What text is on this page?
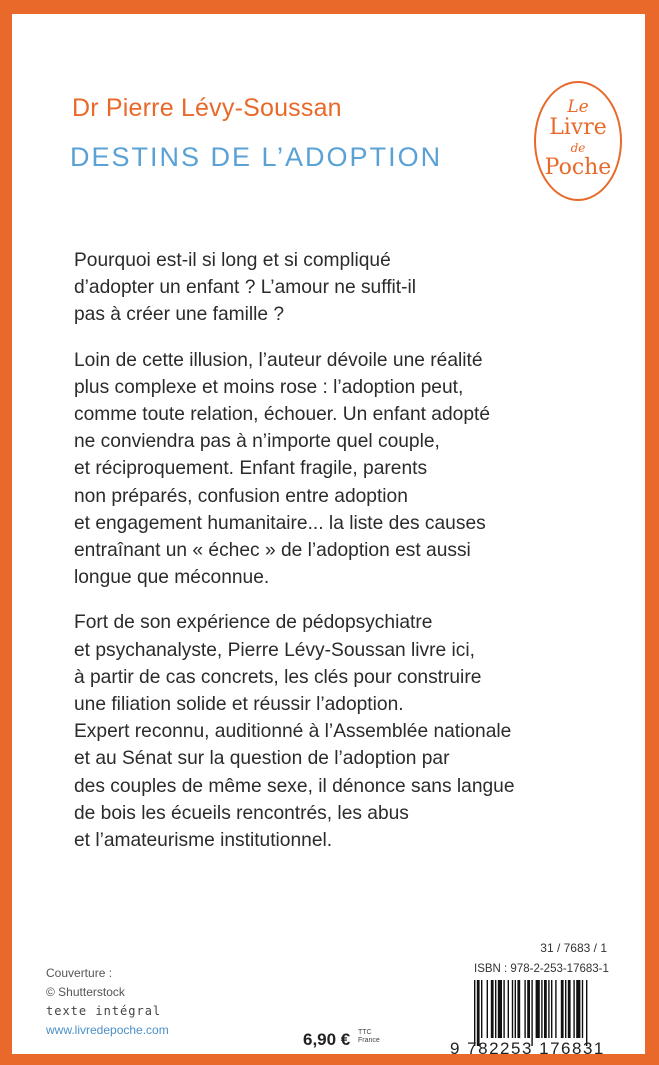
Dr Pierre Lévy-Soussan
DESTINS DE L’ADOPTION
Le
Livre
de
Poche

Pourquoi est-il si long et si compliqué
d’adopter un enfant ? L’amour ne suffit-il
pas à créer une famille ?

Loin de cette illusion, l’auteur dévoile une réalité
plus complexe et moins rose : l’adoption peut,
comme toute relation, échouer. Un enfant adopté
ne conviendra pas à n’importe quel couple,
et réciproquement. Enfant fragile, parents
non préparés, confusion entre adoption
et engagement humanitaire... la liste des causes
entraînant un « échec » de l’adoption est aussi
longue que méconnue.

Fort de son expérience de pédopsychiatre
et psychanalyste, Pierre Lévy-Soussan livre ici,
à partir de cas concrets, les clés pour construire
une filiation solide et réussir l’adoption.
Expert reconnu, auditionné à l’Assemblée nationale
et au Sénat sur la question de l’adoption par
des couples de même sexe, il dénonce sans langue
de bois les écueils rencontrés, les abus
et l’amateurisme institutionnel.

Couverture :
© Shutterstock
texte intégral
www.livredepoche.com	6,90 € TTC
France
31 / 7683 / 1
ISBN : 978-2-253-17683-1
9 782253 176831
